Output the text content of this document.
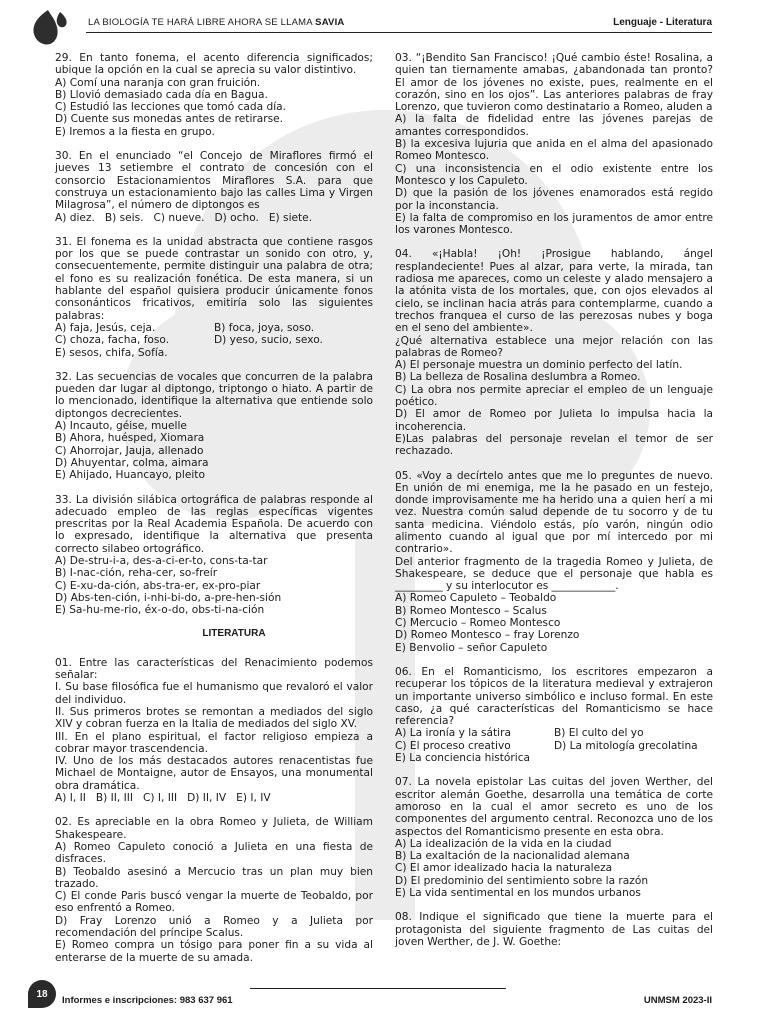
LA BIOLOGÍA TE HARÁ LIBRE AHORA SE LLAMA SAVIA	Lenguaje - Literatura

29. En tanto fonema, el acento diferencia significados; ubique la opción en la cual se aprecia su valor distintivo.

A) Comí una naranja con gran fruición.

B) Llovió demasiado cada día en Bagua.

C) Estudió las lecciones que tomó cada día.

D) Cuente sus monedas antes de retirarse.

E) Iremos a la fiesta en grupo.

30. En el enunciado “el Concejo de Miraflores firmó el jueves 13 setiembre el contrato de concesión con el consorcio Estacionamientos Miraflores S.A. para que construya un estacionamiento bajo las calles Lima y Virgen Milagrosa”, el número de diptongos es

A) diez. B) seis. C) nueve. D) ocho. E) siete.

31. El fonema es la unidad abstracta que contiene rasgos por los que se puede contrastar un sonido con otro, y, consecuentemente, permite distinguir una palabra de otra; el fono es su realización fonética. De esta manera, si un hablante del español quisiera producir únicamente fonos consonánticos fricativos, emitiría solo las siguientes palabras:

A) faja, Jesús, ceja.	B) foca, joya, soso.
C) choza, facha, foso.	D) yeso, sucio, sexo.

E) sesos, chifa, Sofía.

32. Las secuencias de vocales que concurren de la palabra pueden dar lugar al diptongo, triptongo o hiato. A partir de lo mencionado, identifique la alternativa que entiende solo diptongos decrecientes.

A) Incauto, géise, muelle

B) Ahora, huésped, Xiomara

C) Ahorrojar, Jauja, allenado

D) Ahuyentar, colma, aimara

E) Ahijado, Huancayo, pleito

33. La división silábica ortográfica de palabras responde al adecuado empleo de las reglas específicas vigentes prescritas por la Real Academia Española. De acuerdo con lo expresado, identifique la alternativa que presenta correcto silabeo ortográfico.

A) De-stru-i-a, des-a-ci-er-to, cons-ta-tar

B) I-nac-ción, reha-cer, so-freír

C) E-xu-da-ción, abs-tra-er, ex-pro-piar

D) Abs-ten-ción, i-nhi-bi-do, a-pre-hen-sión

E) Sa-hu-me-rio, éx-o-do, obs-ti-na-ción

LITERATURA

01. Entre las características del Renacimiento podemos señalar:

I. Su base filosófica fue el humanismo que revaloró el valor del individuo.

II. Sus primeros brotes se remontan a mediados del siglo XIV y cobran fuerza en la Italia de mediados del siglo XV.

III. En el plano espiritual, el factor religioso empieza a cobrar mayor trascendencia.

IV. Uno de los más destacados autores renacentistas fue Michael de Montaigne, autor de Ensayos, una monumental obra dramática.

A) I, II B) II, III C) I, III D) II, IV E) I, IV

02. Es apreciable en la obra Romeo y Julieta, de William Shakespeare.

A) Romeo Capuleto conoció a Julieta en una fiesta de disfraces.

B) Teobaldo asesinó a Mercucio tras un plan muy bien trazado.

C) El conde Paris buscó vengar la muerte de Teobaldo, por eso enfrentó a Romeo.

D) Fray Lorenzo unió a Romeo y a Julieta por recomendación del príncipe Scalus.

E) Romeo compra un tósigo para poner fin a su vida al enterarse de la muerte de su amada.

03. “¡Bendito San Francisco! ¡Qué cambio éste! Rosalina, a quien tan tiernamente amabas, ¿abandonada tan pronto? El amor de los jóvenes no existe, pues, realmente en el corazón, sino en los ojos”. Las anteriores palabras de fray Lorenzo, que tuvieron como destinatario a Romeo, aluden a

A) la falta de fidelidad entre las jóvenes parejas de amantes correspondidos.

B) la excesiva lujuria que anida en el alma del apasionado Romeo Montesco.

C) una inconsistencia en el odio existente entre los Montesco y los Capuleto.

D) que la pasión de los jóvenes enamorados está regido por la inconstancia.

E) la falta de compromiso en los juramentos de amor entre los varones Montesco.

04. «¡Habla! ¡Oh! ¡Prosigue hablando, ángel resplandeciente! Pues al alzar, para verte, la mirada, tan radiosa me apareces, como un celeste y alado mensajero a la atónita vista de los mortales, que, con ojos elevados al cielo, se inclinan hacia atrás para contemplarme, cuando a trechos franquea el curso de las perezosas nubes y boga en el seno del ambiente».

¿Qué alternativa establece una mejor relación con las palabras de Romeo?

A) El personaje muestra un dominio perfecto del latín.

B) La belleza de Rosalina deslumbra a Romeo.

C) La obra nos permite apreciar el empleo de un lenguaje poético.

D) El amor de Romeo por Julieta lo impulsa hacia la incoherencia.

E)Las palabras del personaje revelan el temor de ser rechazado.

05. «Voy a decírtelo antes que me lo preguntes de nuevo. En unión de mi enemiga, me la he pasado en un festejo, donde improvisamente me ha herido una a quien herí a mi vez. Nuestra común salud depende de tu socorro y de tu santa medicina. Viéndolo estás, pío varón, ningún odio alimento cuando al igual que por mí intercedo por mi contrario».

Del anterior fragmento de la tragedia Romeo y Julieta, de Shakespeare, se deduce que el personaje que habla es _________ y su interlocutor es ____________.

A) Romeo Capuleto – Teobaldo

B) Romeo Montesco – Scalus

C) Mercucio – Romeo Montesco

D) Romeo Montesco – fray Lorenzo

E) Benvolio – señor Capuleto

06. En el Romanticismo, los escritores empezaron a recuperar los tópicos de la literatura medieval y extrajeron un importante universo simbólico e incluso formal. En este caso, ¿a qué características del Romanticismo se hace referencia?

A) La ironía y la sátira	B) El culto del yo
C) El proceso creativo	D) La mitología grecolatina

E) La conciencia histórica

07. La novela epistolar Las cuitas del joven Werther, del escritor alemán Goethe, desarrolla una temática de corte amoroso en la cual el amor secreto es uno de los componentes del argumento central. Reconozca uno de los aspectos del Romanticismo presente en esta obra.

A) La idealización de la vida en la ciudad

B) La exaltación de la nacionalidad alemana

C) El amor idealizado hacia la naturaleza

D) El predominio del sentimiento sobre la razón

E) La vida sentimental en los mundos urbanos

08. Indique el significado que tiene la muerte para el protagonista del siguiente fragmento de Las cuitas del joven Werther, de J. W. Goethe:

18
Informes e inscripciones: 983 637 961	UNMSM 2023-II
